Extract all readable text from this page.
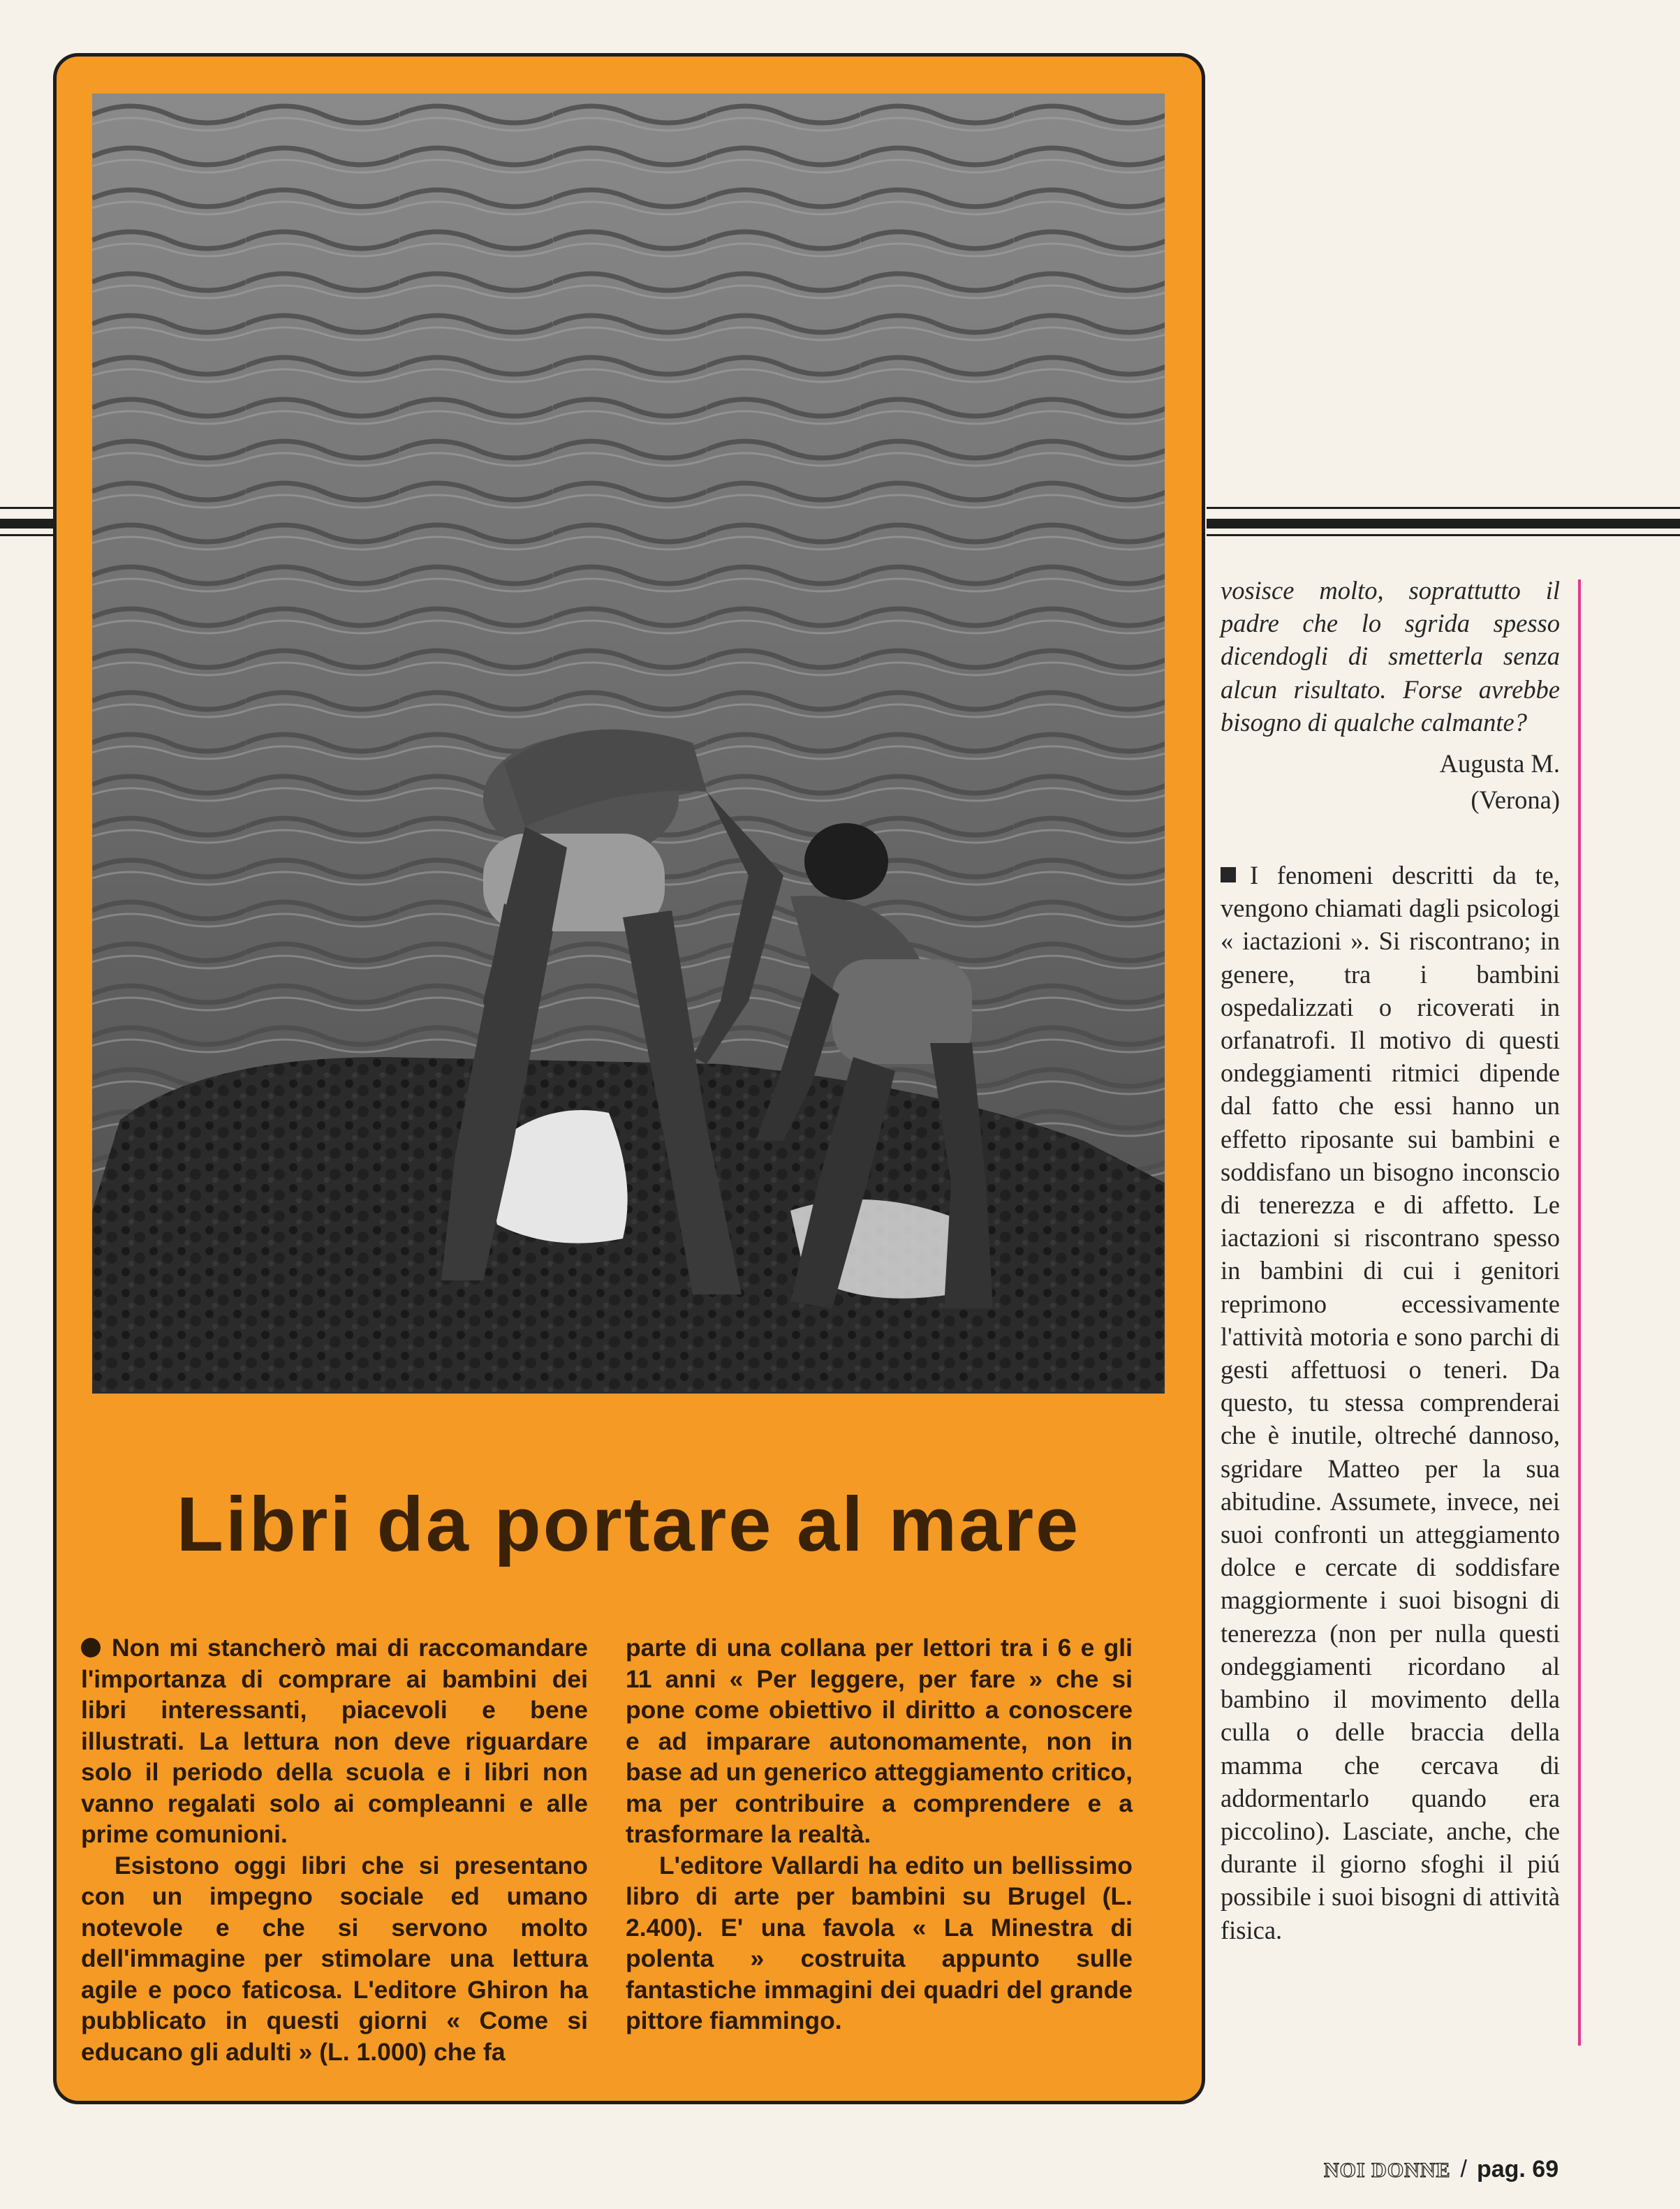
Libri da portare al mare

Non mi stancherò mai di raccomandare l'importanza di comprare ai bambini dei libri interessanti, piacevoli e bene illustrati. La lettura non deve riguardare solo il periodo della scuola e i libri non vanno regalati solo ai compleanni e alle prime comunioni.

Esistono oggi libri che si presentano con un impegno sociale ed umano notevole e che si servono molto dell'immagine per stimolare una lettura agile e poco faticosa. L'editore Ghiron ha pubblicato in questi giorni « Come si educano gli adulti » (L. 1.000) che fa

parte di una collana per lettori tra i 6 e gli 11 anni « Per leggere, per fare » che si pone come obiettivo il diritto a conoscere e ad imparare autonomamente, non in base ad un generico atteggiamento critico, ma per contribuire a comprendere e a trasformare la realtà.

L'editore Vallardi ha edito un bellissimo libro di arte per bambini su Brugel (L. 2.400). E' una favola « La Minestra di polenta » costruita appunto sulle fantastiche immagini dei quadri del grande pittore fiammingo.

vosisce molto, soprattutto il padre che lo sgrida spesso dicendogli di smetterla senza alcun risultato. Forse avrebbe bisogno di qualche calmante?

Augusta M.
(Verona)

I fenomeni descritti da te, vengono chiamati dagli psicologi « iactazioni ». Si riscontrano; in genere, tra i bambini ospedalizzati o ricoverati in orfanatrofi. Il motivo di questi ondeggiamenti ritmici dipende dal fatto che essi hanno un effetto riposante sui bambini e soddisfano un bisogno inconscio di tenerezza e di affetto. Le iactazioni si riscontrano spesso in bambini di cui i genitori reprimono eccessivamente l'attività motoria e sono parchi di gesti affettuosi o teneri. Da questo, tu stessa comprenderai che è inutile, oltreché dannoso, sgridare Matteo per la sua abitudine. Assumete, invece, nei suoi confronti un atteggiamento dolce e cercate di soddisfare maggiormente i suoi bisogni di tenerezza (non per nulla questi ondeggiamenti ricordano al bambino il movimento della culla o delle braccia della mamma che cercava di addormentarlo quando era piccolino). Lasciate, anche, che durante il giorno sfoghi il piú possibile i suoi bisogni di attività fisica.

NOI DONNE / pag. 69
